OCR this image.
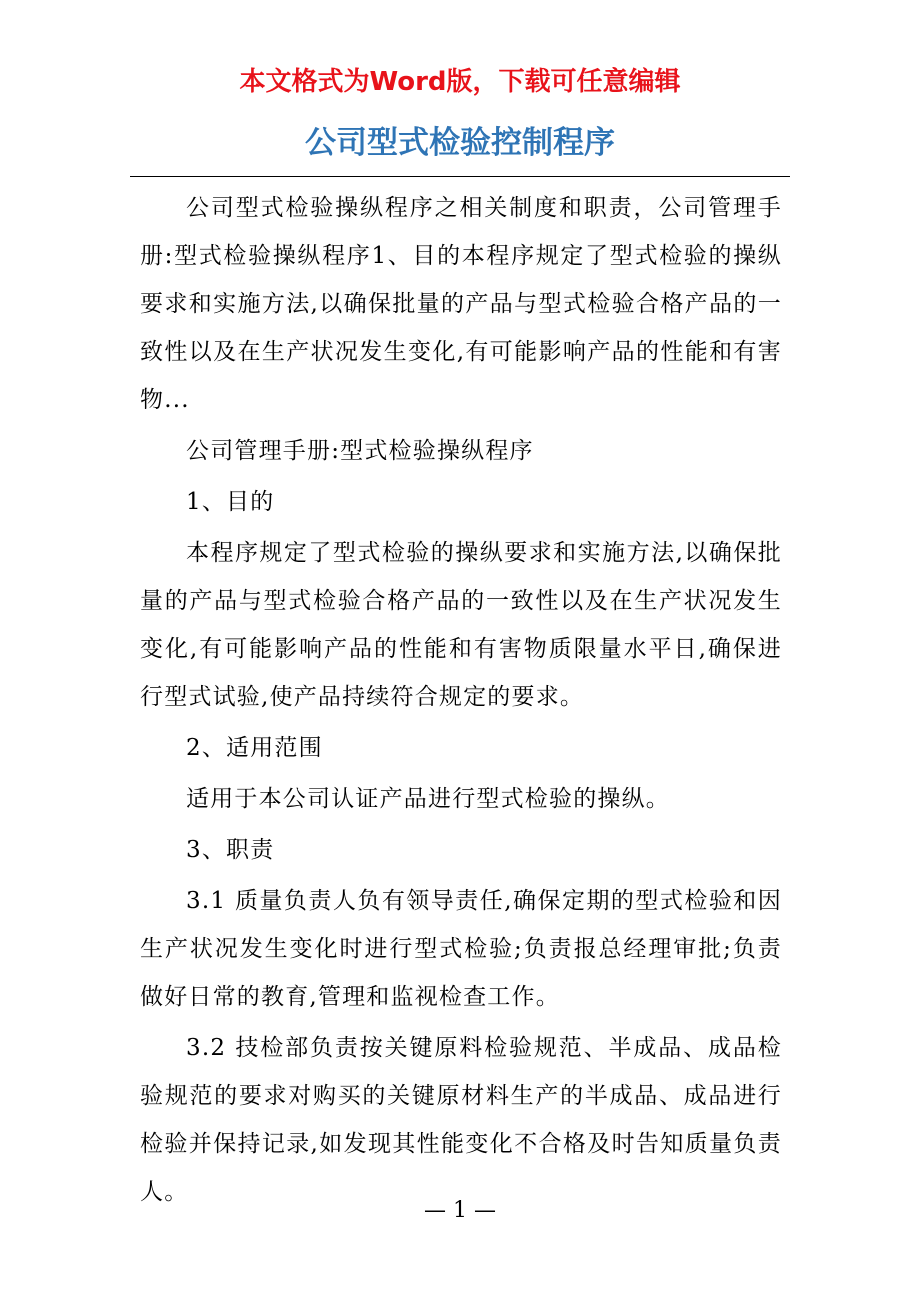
本文格式为Word版，下载可任意编辑
公司型式检验控制程序

公司型式检验操纵程序之相关制度和职责，公司管理手册:型式检验操纵程序1、目的本程序规定了型式检验的操纵要求和实施方法,以确保批量的产品与型式检验合格产品的一致性以及在生产状况发生变化,有可能影响产品的性能和有害物...

公司管理手册:型式检验操纵程序

1、目的

本程序规定了型式检验的操纵要求和实施方法,以确保批量的产品与型式检验合格产品的一致性以及在生产状况发生变化,有可能影响产品的性能和有害物质限量水平日,确保进行型式试验,使产品持续符合规定的要求。

2、适用范围

适用于本公司认证产品进行型式检验的操纵。

3、职责

3.1 质量负责人负有领导责任,确保定期的型式检验和因生产状况发生变化时进行型式检验;负责报总经理审批;负责做好日常的教育,管理和监视检查工作。

3.2 技检部负责按关键原料检验规范、半成品、成品检验规范的要求对购买的关键原材料生产的半成品、成品进行检验并保持记录,如发现其性能变化不合格及时告知质量负责人。

— 1 —
